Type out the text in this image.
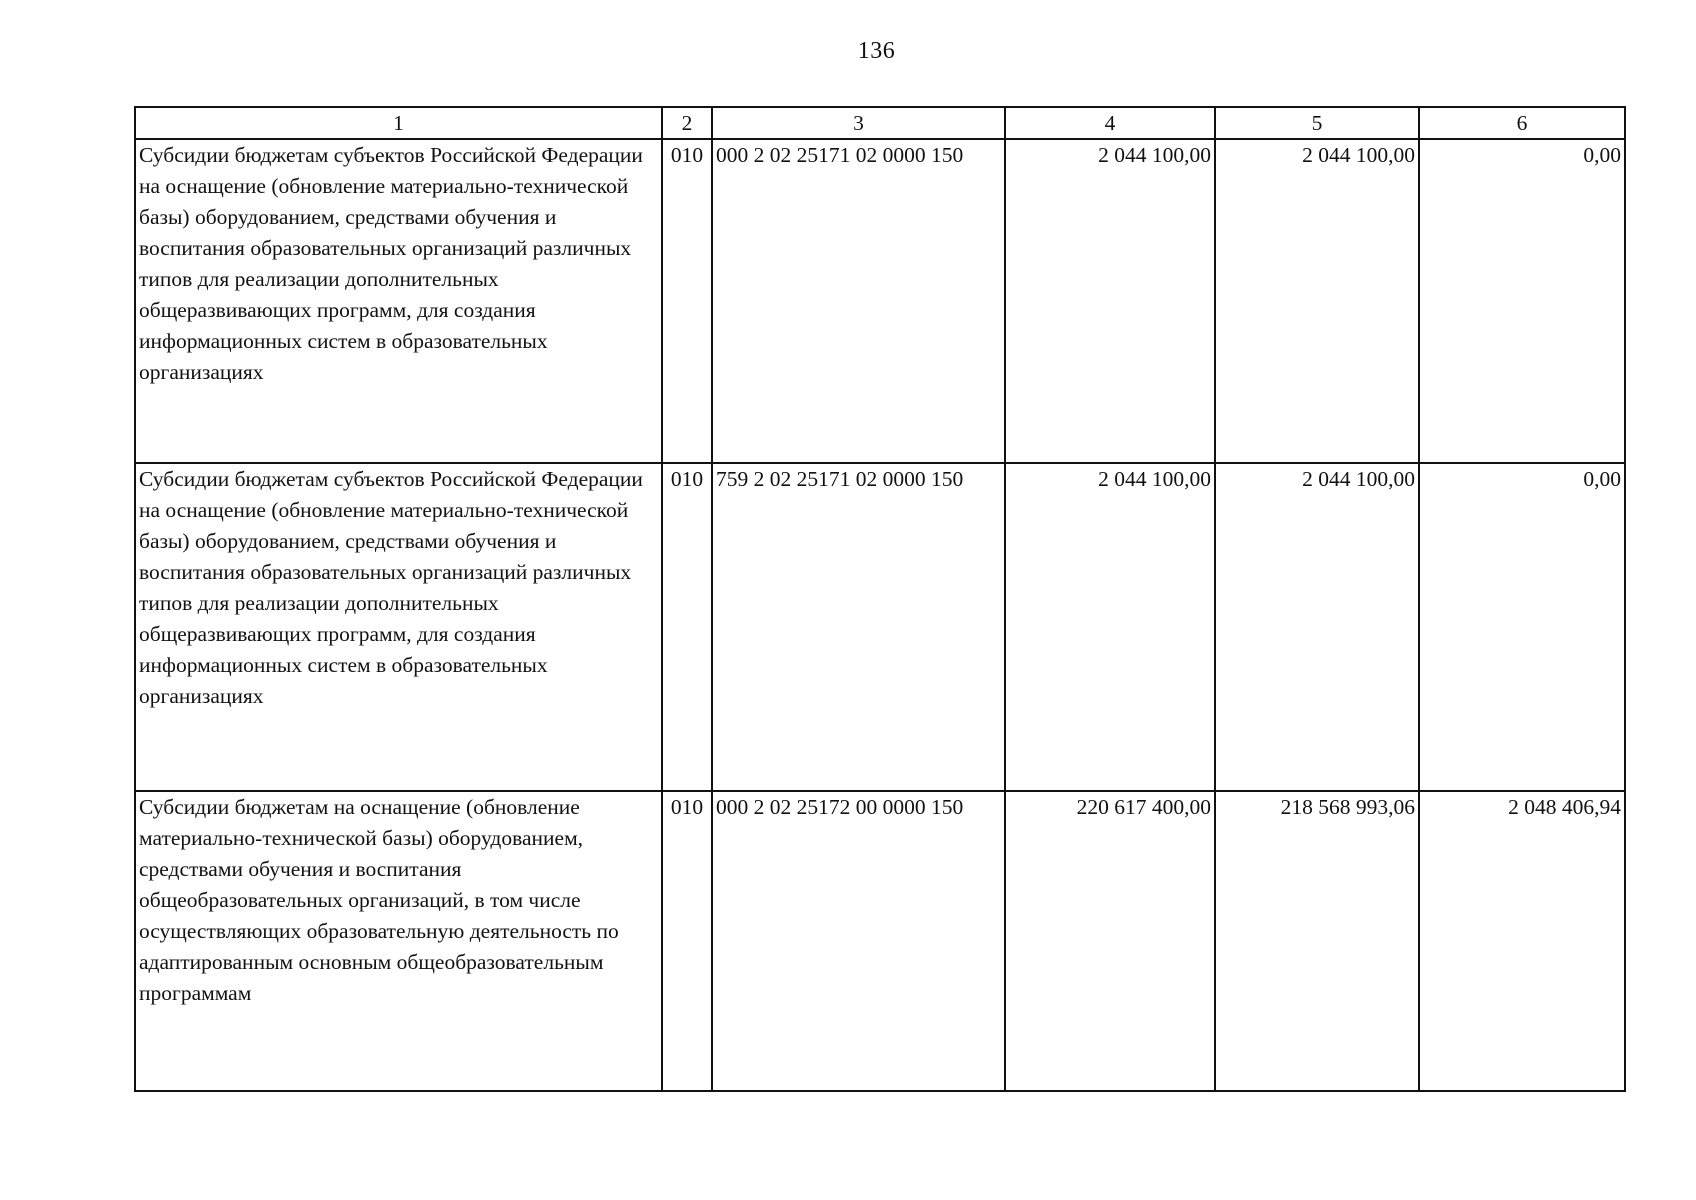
136
1	2	3	4	5	6
Субсидии бюджетам субъектов Российской Федерации на оснащение (обновление материально-технической базы) оборудованием, средствами обучения и воспитания образовательных организаций различных типов для реализации дополнительных общеразвивающих программ, для создания информационных систем в образовательных организациях	010	000 2 02 25171 02 0000 150	2 044 100,00	2 044 100,00	0,00
Субсидии бюджетам субъектов Российской Федерации на оснащение (обновление материально-технической базы) оборудованием, средствами обучения и воспитания образовательных организаций различных типов для реализации дополнительных общеразвивающих программ, для создания информационных систем в образовательных организациях	010	759 2 02 25171 02 0000 150	2 044 100,00	2 044 100,00	0,00
Субсидии бюджетам на оснащение (обновление материально-технической базы) оборудованием, средствами обучения и воспитания общеобразовательных организаций, в том числе осуществляющих образовательную деятельность по адаптированным основным общеобразовательным программам	010	000 2 02 25172 00 0000 150	220 617 400,00	218 568 993,06	2 048 406,94
